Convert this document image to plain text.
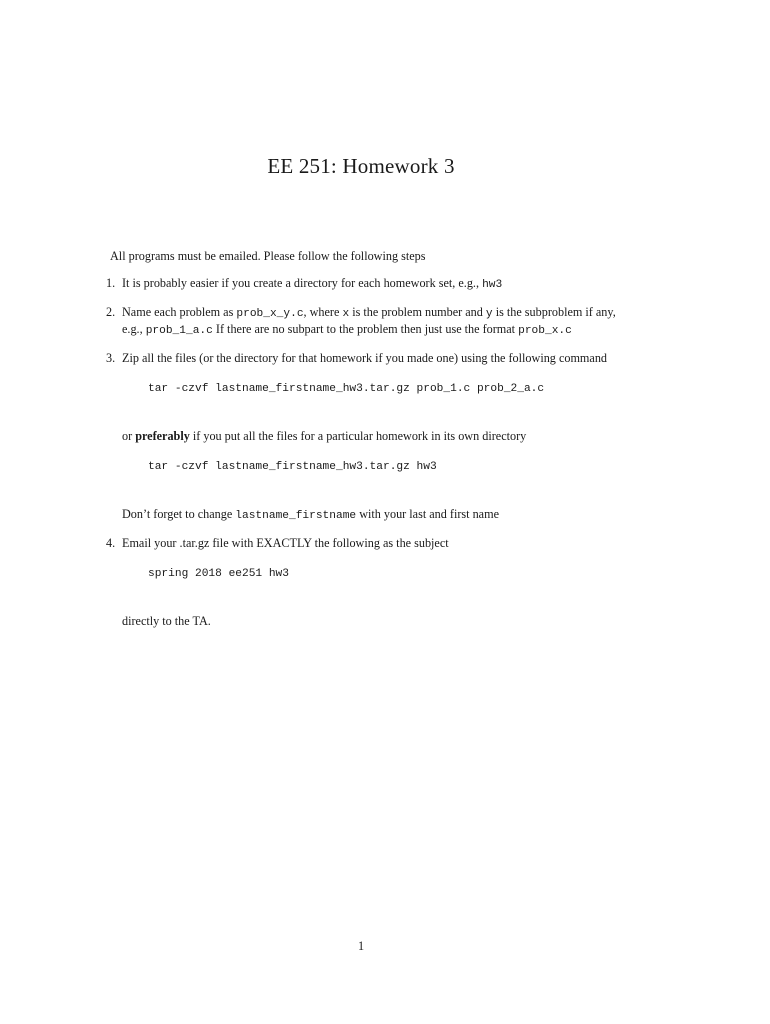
EE 251: Homework 3

All programs must be emailed. Please follow the following steps

1. It is probably easier if you create a directory for each homework set, e.g., hw3
2. Name each problem as prob_x_y.c, where x is the problem number and y is the subproblem if any, e.g., prob_1_a.c If there are no subpart to the problem then just use the format prob_x.c
3. Zip all the files (or the directory for that homework if you made one) using the following command
tar -czvf lastname_firstname_hw3.tar.gz prob_1.c prob_2_a.c

or preferably if you put all the files for a particular homework in its own directory

tar -czvf lastname_firstname_hw3.tar.gz hw3

Don’t forget to change lastname_firstname with your last and first name

4. Email your .tar.gz file with EXACTLY the following as the subject
spring 2018 ee251 hw3

directly to the TA.

1
